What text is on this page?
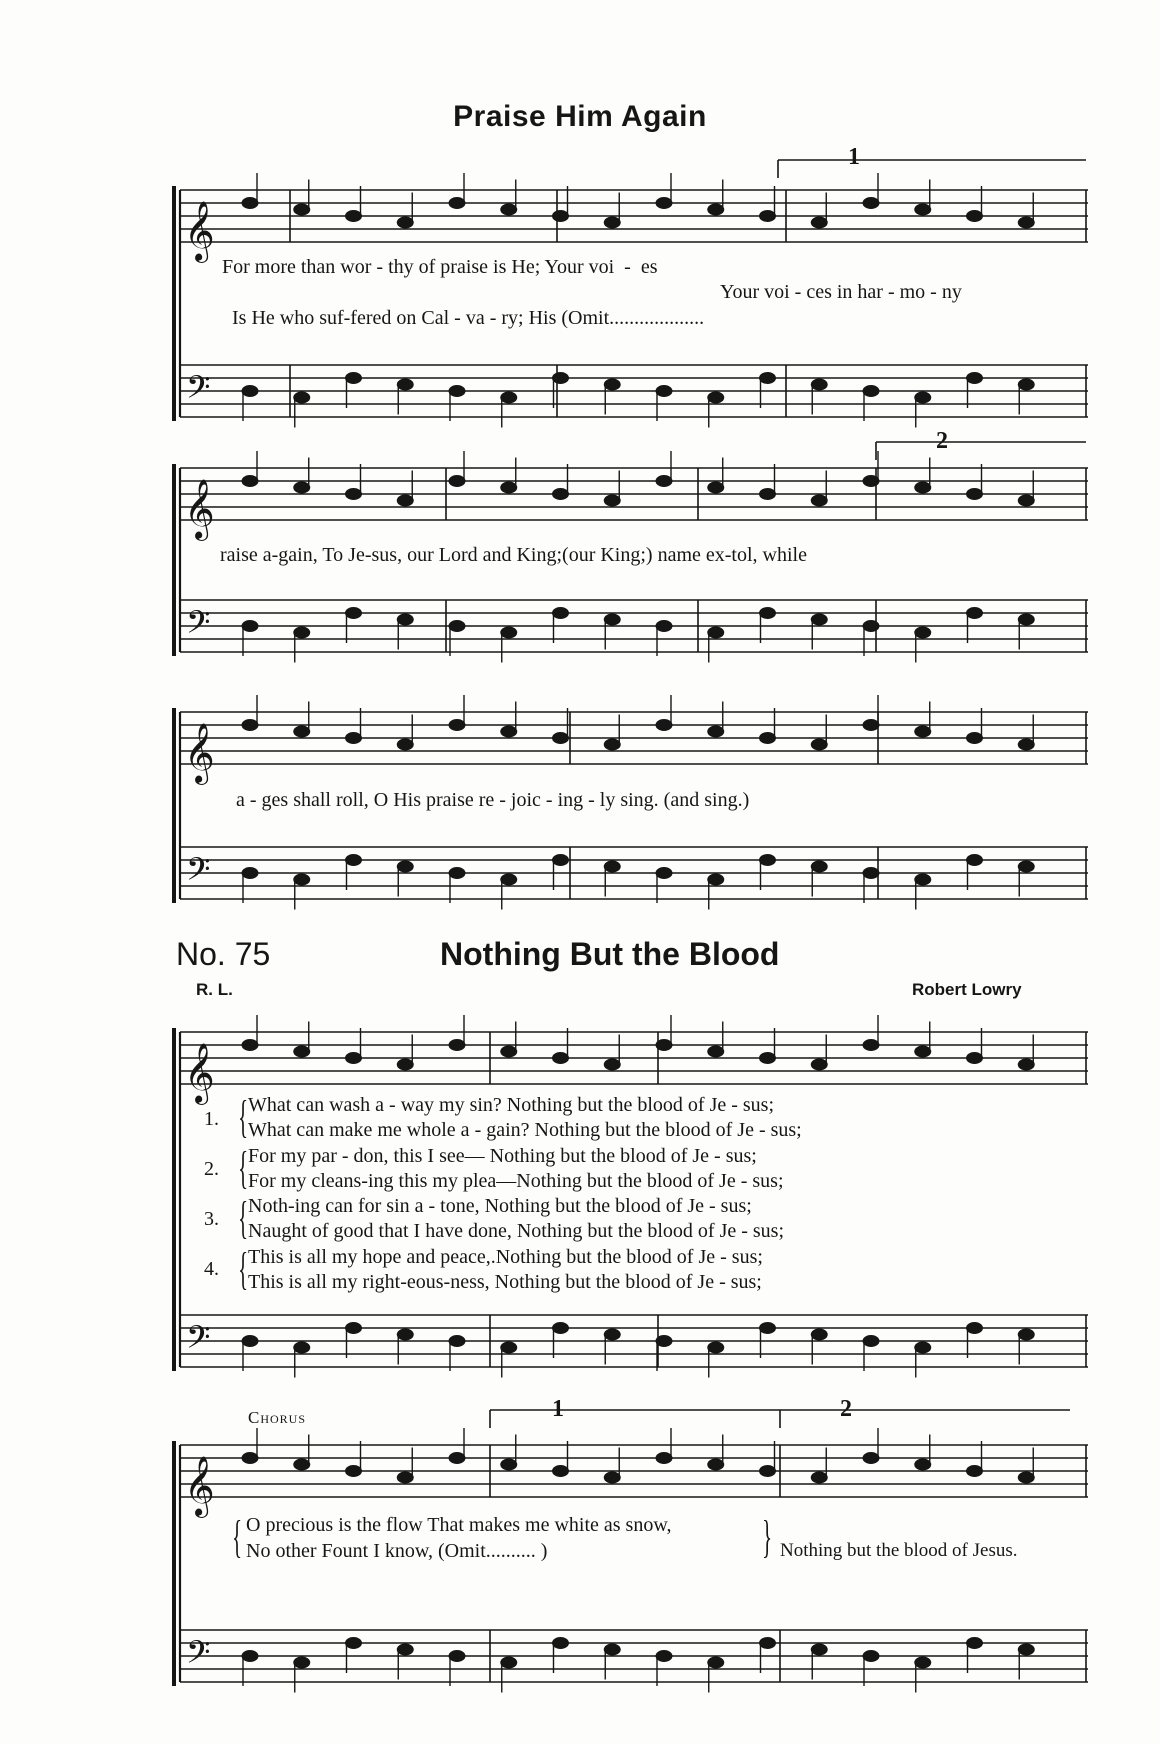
Praise Him Again
𝄞
𝄢
𝄞
𝄢
𝄞
𝄢
𝄞
𝄢
𝄞
𝄢
For more than wor - thy of praise is He; Your voi  -  es
Your voi - ces in har - mo - ny
Is He who suf-fered on Cal - va - ry; His (Omit...................
raise a-gain, To Je-sus, our Lord and King;(our King;) name ex-tol, while
a - ges shall roll, O His praise re - joic - ing - ly sing. (and sing.)
1
2
No. 75	Nothing But the Blood
R. L.	Robert Lowry
1.
What can wash a - way my sin? Nothing but the blood of Je - sus;
What can make me whole a - gain? Nothing but the blood of Je - sus;
2.
For my par - don, this I see— Nothing but the blood of Je - sus;
For my cleans-ing this my plea—Nothing but the blood of Je - sus;
3.
Noth-ing can for sin a - tone, Nothing but the blood of Je - sus;
Naught of good that I have done, Nothing but the blood of Je - sus;
4.
This is all my hope and peace,.Nothing but the blood of Je - sus;
This is all my right-eous-ness, Nothing but the blood of Je - sus;
{
{
{
{
Chorus	1	2
{ O precious is the flow That makes me white as snow,
No other Fount I know, (Omit.......... )	} Nothing but the blood of Jesus.
